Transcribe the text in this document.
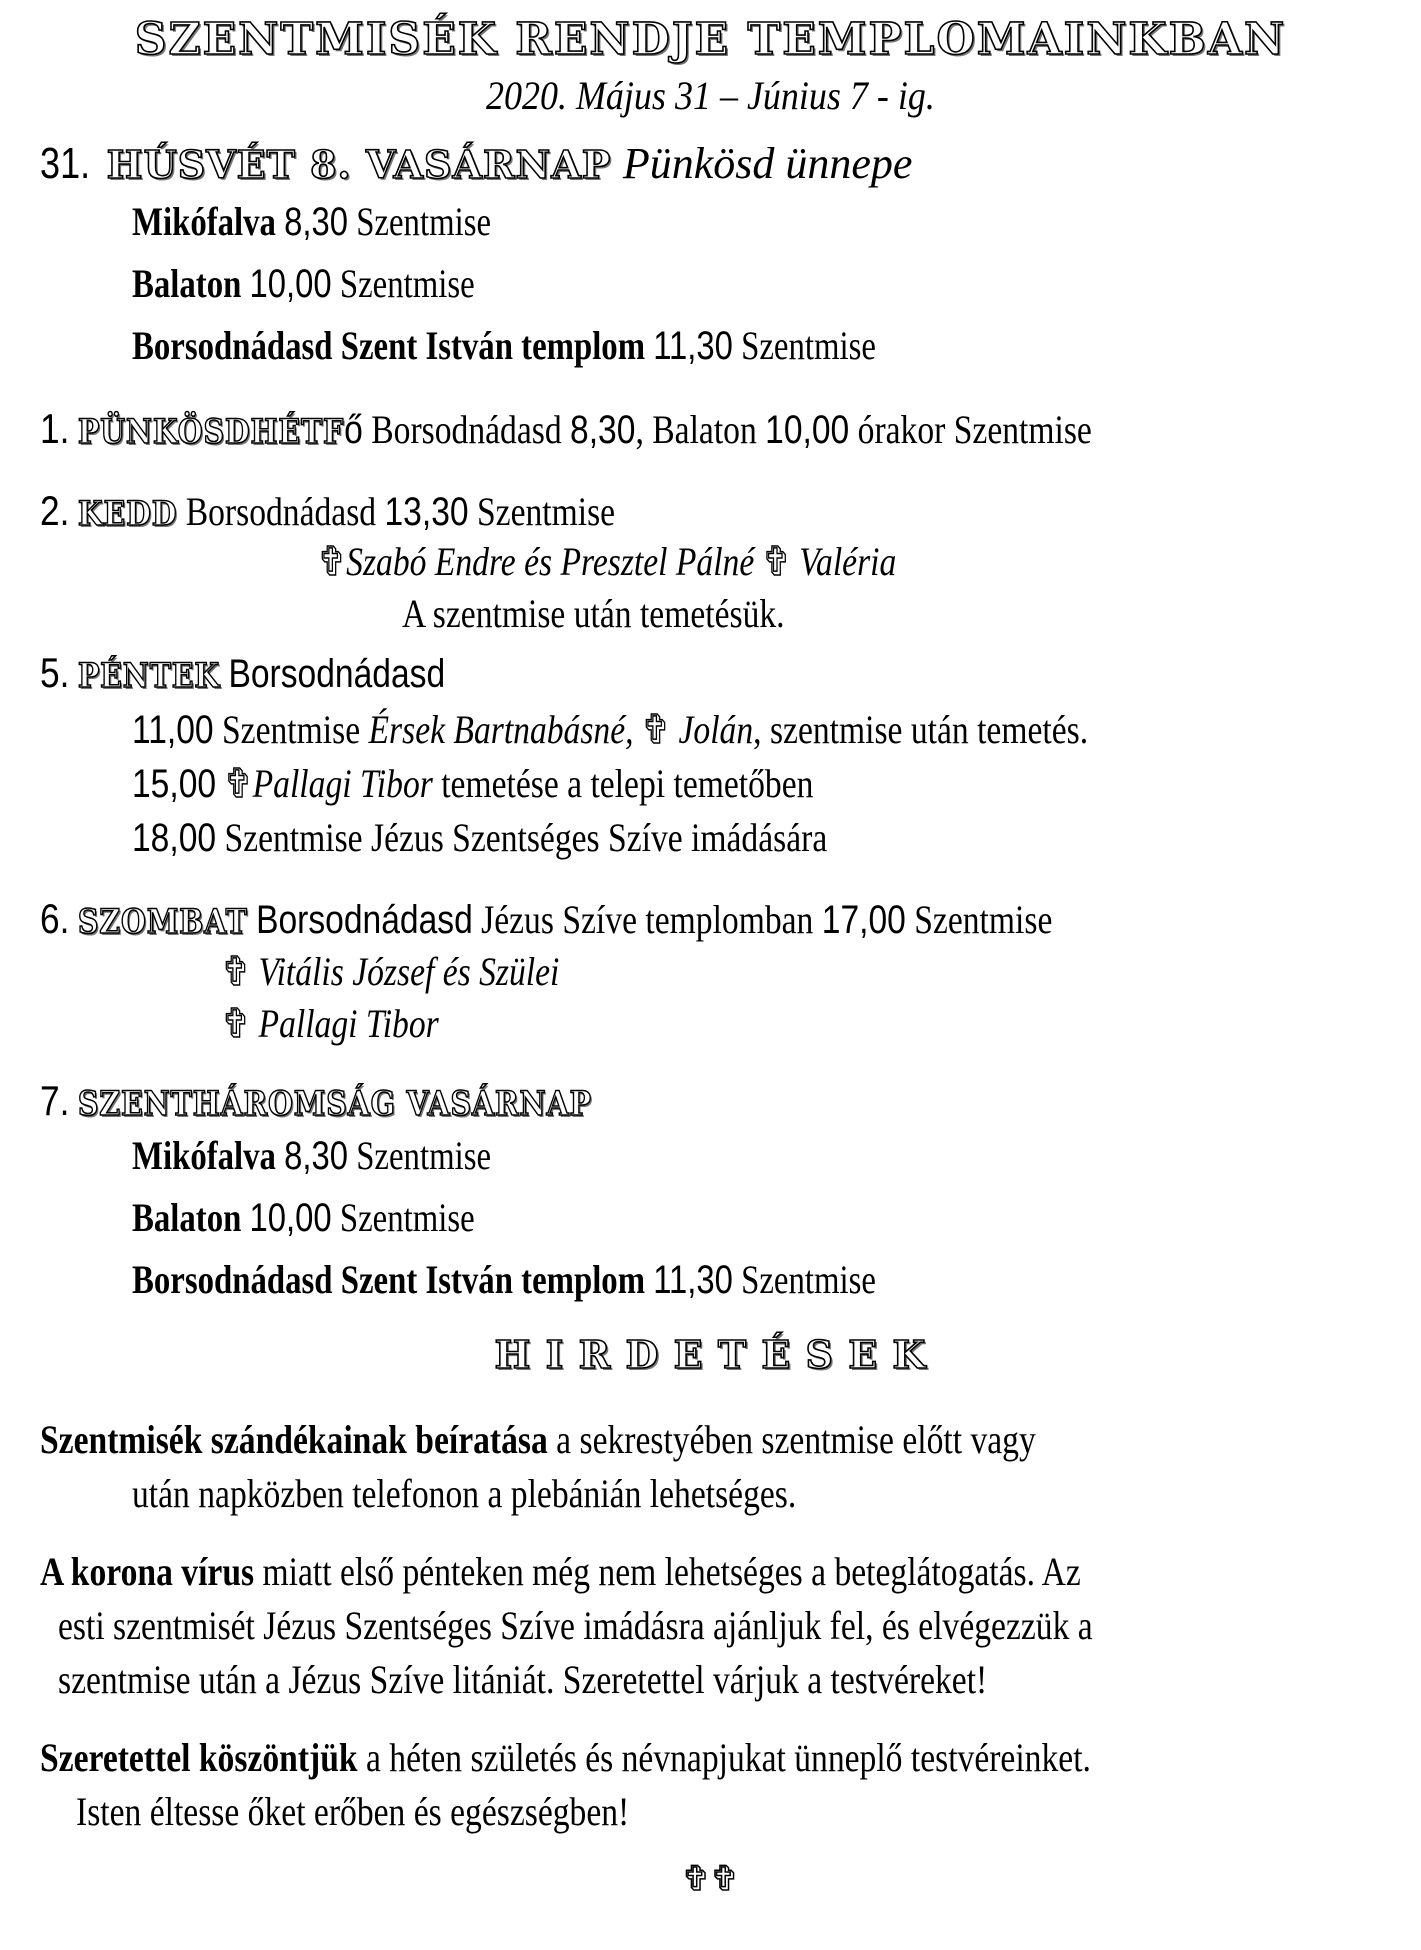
SZENTMISÉK RENDJE TEMPLOMAINKBAN
2020. Május 31 – Június 7 - ig.
31. HÚSVÉT 8. VASÁRNAP Pünkösd ünnepe
Mikófalva 8,30 Szentmise
Balaton 10,00 Szentmise
Borsodnádasd Szent István templom 11,30 Szentmise
1. PÜNKÖSDHÉTFő Borsodnádasd 8,30, Balaton 10,00 órakor Szentmise
2. KEDD Borsodnádasd 13,30 Szentmise
✞Szabó Endre és Presztel Pálné ✞ Valéria
A szentmise után temetésük.
5. PÉNTEK Borsodnádasd
11,00 Szentmise Érsek Bartnabásné, ✞ Jolán, szentmise után temetés.
15,00 ✞Pallagi Tibor temetése a telepi temetőben
18,00 Szentmise Jézus Szentséges Szíve imádására
6. SZOMBAT Borsodnádasd Jézus Szíve templomban 17,00 Szentmise
✞ Vitális József és Szülei
✞ Pallagi Tibor
7. SZENTHÁROMSÁG VASÁRNAP
Mikófalva 8,30 Szentmise
Balaton 10,00 Szentmise
Borsodnádasd Szent István templom 11,30 Szentmise
H I R D E T É S E K
Szentmisék szándékainak beíratása a sekrestyében szentmise előtt vagy
után napközben telefonon a plebánián lehetséges.
A korona vírus miatt első pénteken még nem lehetséges a beteglátogatás. Az
esti szentmisét Jézus Szentséges Szíve imádásra ajánljuk fel, és elvégezzük a
szentmise után a Jézus Szíve litániát. Szeretettel várjuk a testvéreket!
Szeretettel köszöntjük a héten születés és névnapjukat ünneplő testvéreinket.
Isten éltesse őket erőben és egészségben!
✞✞
